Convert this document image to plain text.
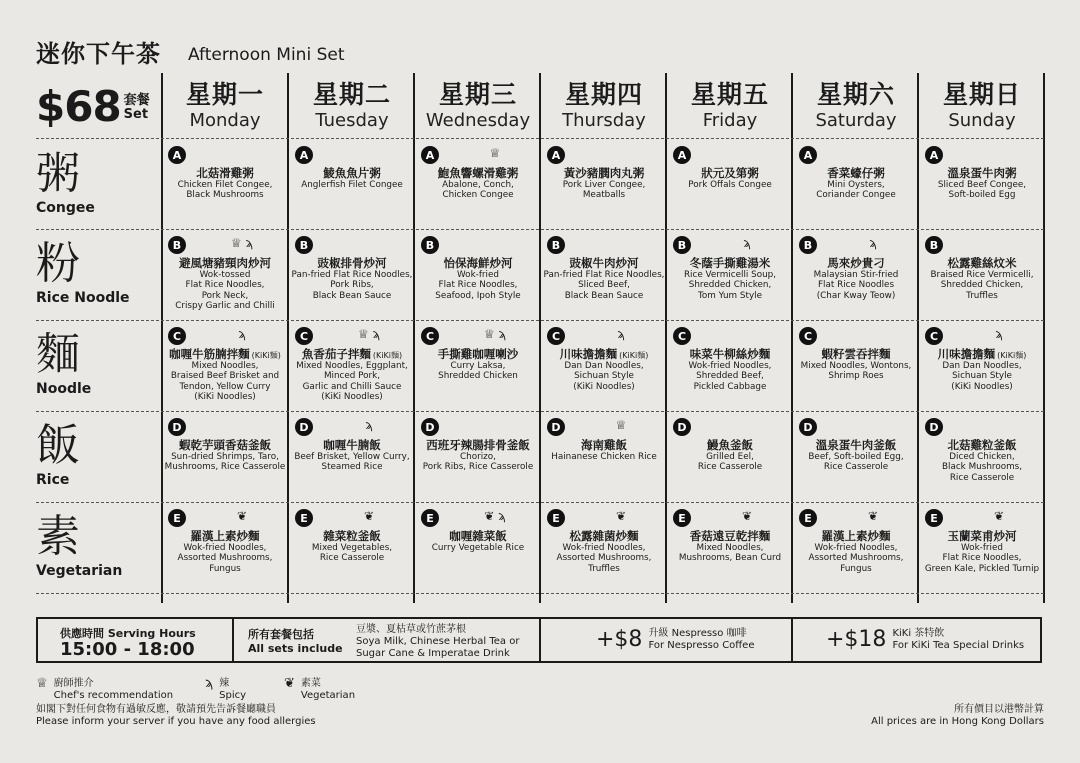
迷你下午茶 Afternoon Mini Set
$68 套餐
Set
星期一
Monday
星期二
Tuesday
星期三
Wednesday
星期四
Thursday
星期五
Friday
星期六
Saturday
星期日
Sunday
粥
Congee
粉
Rice Noodle
麵
Noodle
飯
Rice
素
Vegetarian
A
北菇滑雞粥
Chicken Filet Congee,
Black Mushrooms
A
鯪魚魚片粥
Anglerfish Filet Congee
A	♕
鮑魚響螺滑雞粥
Abalone, Conch,
Chicken Congee
A
黃沙豬膶肉丸粥
Pork Liver Congee,
Meatballs
A
狀元及第粥
Pork Offals Congee
A
香菜蠔仔粥
Mini Oysters,
Coriander Congee
A
溫泉蛋牛肉粥
Sliced Beef Congee,
Soft-boiled Egg
B	♕ ϡ
避風塘豬頸肉炒河
Wok-tossed
Flat Rice Noodles,
Pork Neck,
Crispy Garlic and Chilli
B
豉椒排骨炒河
Pan-fried Flat Rice Noodles,
Pork Ribs,
Black Bean Sauce
B
怡保海鮮炒河
Wok-fried
Flat Rice Noodles,
Seafood, Ipoh Style
B
豉椒牛肉炒河
Pan-fried Flat Rice Noodles,
Sliced Beef,
Black Bean Sauce
B	ϡ
冬蔭手撕雞湯米
Rice Vermicelli Soup,
Shredded Chicken,
Tom Yum Style
B	ϡ
馬來炒貴刁
Malaysian Stir-fried
Flat Rice Noodles
(Char Kway Teow)
B
松露雞絲炆米
Braised Rice Vermicelli,
Shredded Chicken,
Truffles
C	ϡ
咖喱牛筋腩拌麵 (KiKi麵)
Mixed Noodles,
Braised Beef Brisket and
Tendon, Yellow Curry
(KiKi Noodles)
C	♕ ϡ
魚香茄子拌麵 (KiKi麵)
Mixed Noodles, Eggplant,
Minced Pork,
Garlic and Chilli Sauce
(KiKi Noodles)
C	♕ ϡ
手撕雞咖喱喇沙
Curry Laksa,
Shredded Chicken
C	ϡ
川味擔擔麵 (KiKi麵)
Dan Dan Noodles,
Sichuan Style
(KiKi Noodles)
C
味菜牛柳絲炒麵
Wok-fried Noodles,
Shredded Beef,
Pickled Cabbage
C
蝦籽雲吞拌麵
Mixed Noodles, Wontons,
Shrimp Roes
C	ϡ
川味擔擔麵 (KiKi麵)
Dan Dan Noodles,
Sichuan Style
(KiKi Noodles)
D
蝦乾芋頭香菇釜飯
Sun-dried Shrimps, Taro,
Mushrooms, Rice Casserole
D	ϡ
咖喱牛腩飯
Beef Brisket, Yellow Curry,
Steamed Rice
D
西班牙辣腸排骨釜飯
Chorizo,
Pork Ribs, Rice Casserole
D	♕
海南雞飯
Hainanese Chicken Rice
D
鰻魚釜飯
Grilled Eel,
Rice Casserole
D
溫泉蛋牛肉釜飯
Beef, Soft-boiled Egg,
Rice Casserole
D
北菇雞粒釜飯
Diced Chicken,
Black Mushrooms,
Rice Casserole
E	❦
羅漢上素炒麵
Wok-fried Noodles,
Assorted Mushrooms,
Fungus
E	❦
雜菜粒釜飯
Mixed Vegetables,
Rice Casserole
E	❦ ϡ
咖喱雜菜飯
Curry Vegetable Rice
E	❦
松露雜菌炒麵
Wok-fried Noodles,
Assorted Mushrooms,
Truffles
E	❦
香菇遠豆乾拌麵
Mixed Noodles,
Mushrooms, Bean Curd
E	❦
羅漢上素炒麵
Wok-fried Noodles,
Assorted Mushrooms,
Fungus
E	❦
玉蘭菜甫炒河
Wok-fried
Flat Rice Noodles,
Green Kale, Pickled Turnip
供應時間 Serving Hours
15:00 - 18:00
所有套餐包括
All sets include
豆漿、夏枯草或竹蔗茅根
Soya Milk, Chinese Herbal Tea or
Sugar Cane & Imperatae Drink
+$8 升級 Nespresso 咖啡
For Nespresso Coffee	+$18 KiKi 茶特飲
For KiKi Tea Special Drinks
♕ 廚師推介
Chef's recommendation
ϡ 辣
Spicy
❦ 素菜
Vegetarian
如閣下對任何食物有過敏反應，敬請預先告訴餐廳職員
Please inform your server if you have any food allergies
所有價目以港幣計算
All prices are in Hong Kong Dollars
